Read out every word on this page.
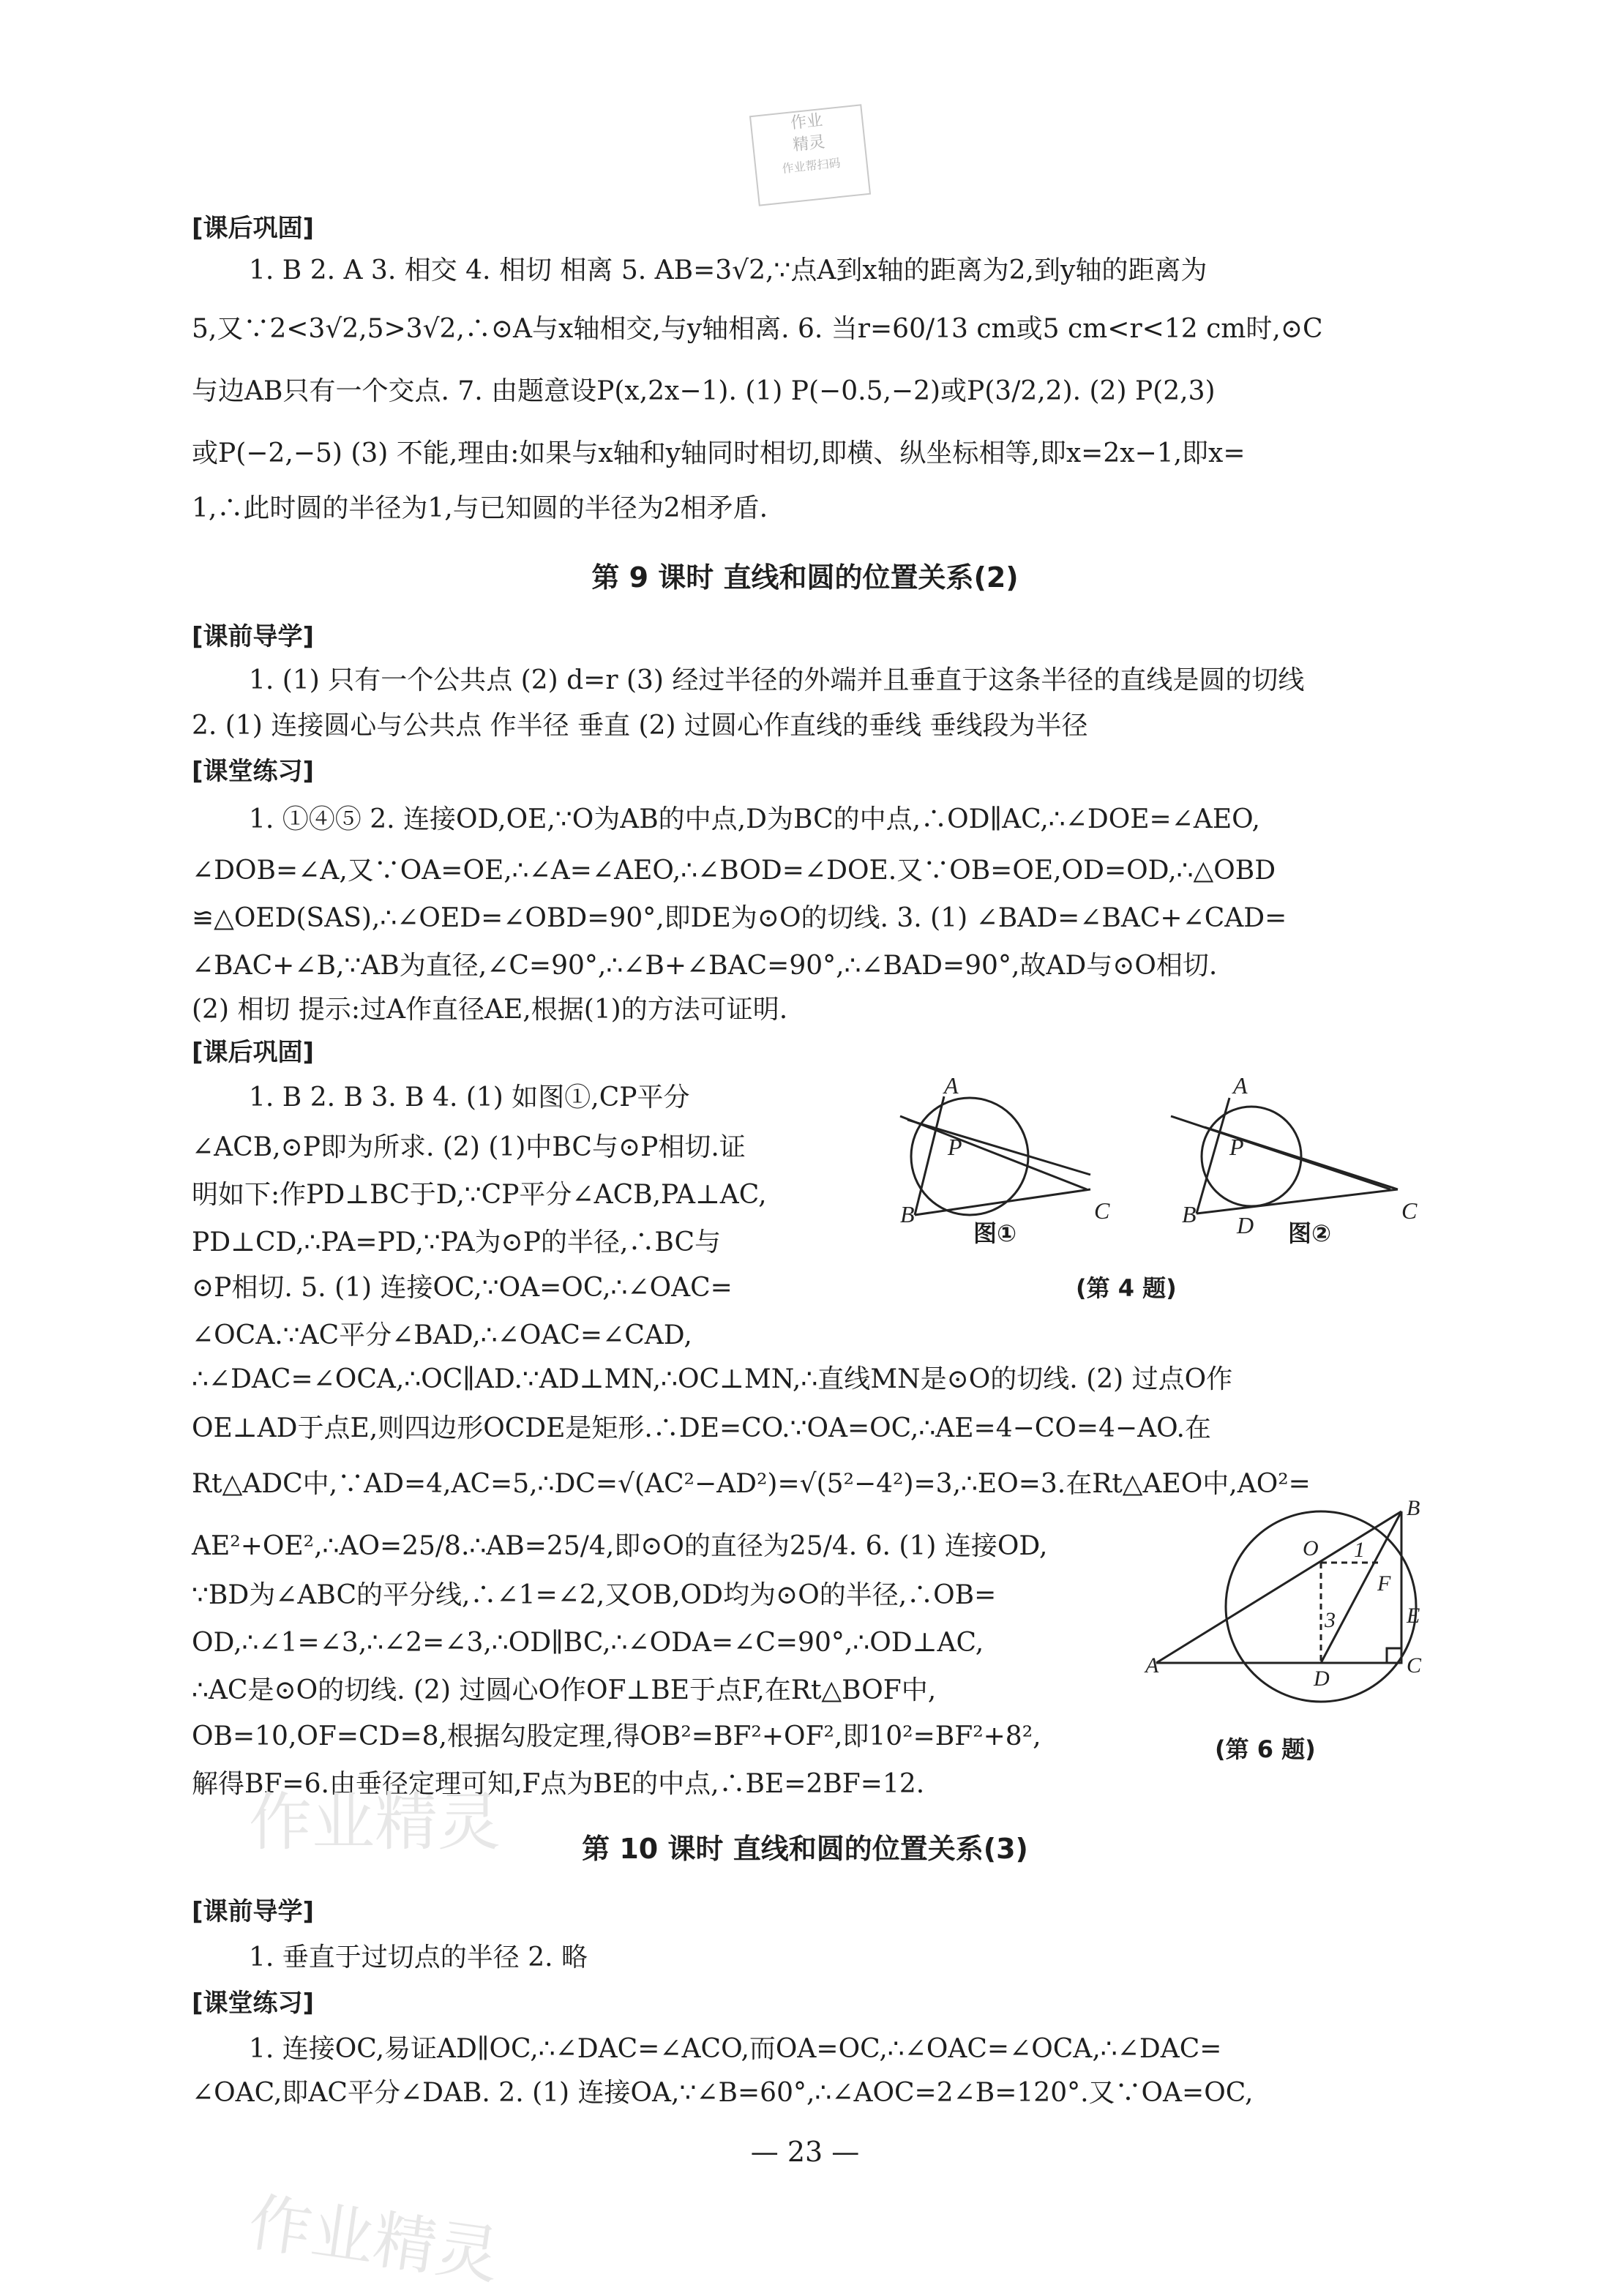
作业
精灵
作业帮扫码
[课后巩固]
1. B 2. A 3. 相交 4. 相切 相离 5. AB=3√2,∵点A到x轴的距离为2,到y轴的距离为
5,又∵2<3√2,5>3√2,∴⊙A与x轴相交,与y轴相离. 6. 当r=60/13 cm或5 cm<r<12 cm时,⊙C
与边AB只有一个交点. 7. 由题意设P(x,2x−1). (1) P(−0.5,−2)或P(3/2,2). (2) P(2,3)
或P(−2,−5) (3) 不能,理由:如果与x轴和y轴同时相切,即横、纵坐标相等,即x=2x−1,即x=
1,∴此时圆的半径为1,与已知圆的半径为2相矛盾.
第 9 课时 直线和圆的位置关系(2)
[课前导学]
1. (1) 只有一个公共点 (2) d=r (3) 经过半径的外端并且垂直于这条半径的直线是圆的切线
2. (1) 连接圆心与公共点 作半径 垂直 (2) 过圆心作直线的垂线 垂线段为半径
[课堂练习]
1. ①④⑤ 2. 连接OD,OE,∵O为AB的中点,D为BC的中点,∴OD∥AC,∴∠DOE=∠AEO,
∠DOB=∠A,又∵OA=OE,∴∠A=∠AEO,∴∠BOD=∠DOE.又∵OB=OE,OD=OD,∴△OBD
≌△OED(SAS),∴∠OED=∠OBD=90°,即DE为⊙O的切线. 3. (1) ∠BAD=∠BAC+∠CAD=
∠BAC+∠B,∵AB为直径,∠C=90°,∴∠B+∠BAC=90°,∴∠BAD=90°,故AD与⊙O相切.
(2) 相切 提示:过A作直径AE,根据(1)的方法可证明.
[课后巩固]
1. B 2. B 3. B 4. (1) 如图①,CP平分
∠ACB,⊙P即为所求. (2) (1)中BC与⊙P相切.证
明如下:作PD⊥BC于D,∵CP平分∠ACB,PA⊥AC,
PD⊥CD,∴PA=PD,∵PA为⊙P的半径,∴BC与
⊙P相切. 5. (1) 连接OC,∵OA=OC,∴∠OAC=
∠OCA.∵AC平分∠BAD,∴∠OAC=∠CAD,
A
P
B	C
A
P
B D
C
图①	图②
(第 4 题)
∴∠DAC=∠OCA,∴OC∥AD.∵AD⊥MN,∴OC⊥MN,∴直线MN是⊙O的切线. (2) 过点O作
OE⊥AD于点E,则四边形OCDE是矩形.∴DE=CO.∵OA=OC,∴AE=4−CO=4−AO.在
Rt△ADC中,∵AD=4,AC=5,∴DC=√(AC²−AD²)=√(5²−4²)=3,∴EO=3.在Rt△AEO中,AO²=
AE²+OE²,∴AO=25/8.∴AB=25/4,即⊙O的直径为25/4. 6. (1) 连接OD,
∵BD为∠ABC的平分线,∴∠1=∠2,又OB,OD均为⊙O的半径,∴OB=
OD,∴∠1=∠3,∴∠2=∠3,∴OD∥BC,∴∠ODA=∠C=90°,∴OD⊥AC,
∴AC是⊙O的切线. (2) 过圆心O作OF⊥BE于点F,在Rt△BOF中,
OB=10,OF=CD=8,根据勾股定理,得OB²=BF²+OF²,即10²=BF²+8²,
解得BF=6.由垂径定理可知,F点为BE的中点,∴BE=2BF=12.
B
O
A
D
C
E
F
1
3
(第 6 题)
第 10 课时 直线和圆的位置关系(3)
[课前导学]
1. 垂直于过切点的半径 2. 略
[课堂练习]
1. 连接OC,易证AD∥OC,∴∠DAC=∠ACO,而OA=OC,∴∠OAC=∠OCA,∴∠DAC=
∠OAC,即AC平分∠DAB. 2. (1) 连接OA,∵∠B=60°,∴∠AOC=2∠B=120°.又∵OA=OC,
— 23 —
作业精灵
作业精灵
